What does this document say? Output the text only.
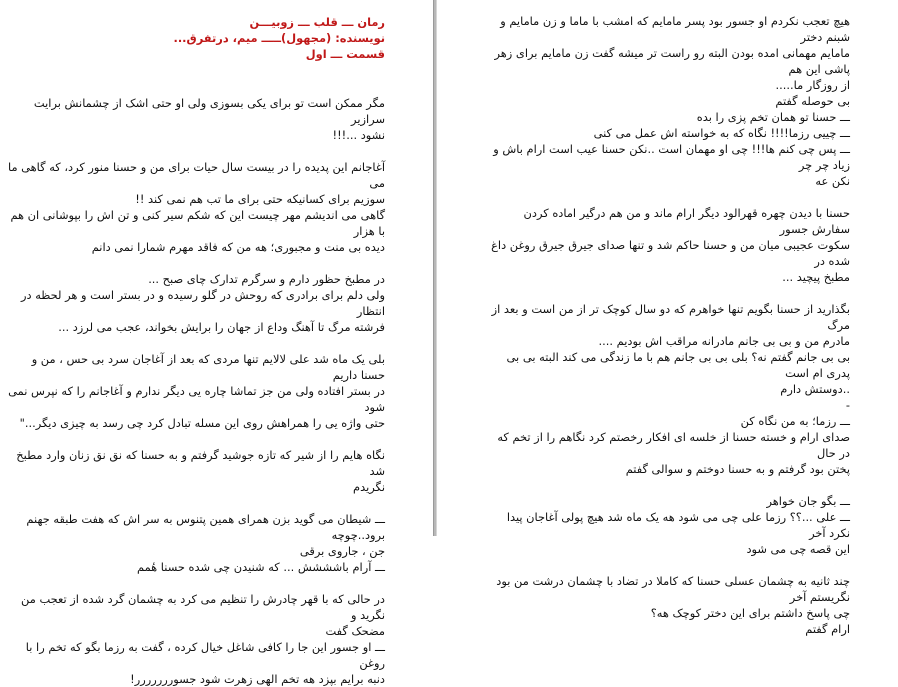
رمان ـــ قلب ـــ زوبیـــن
نویسنده: (مجهول)ـــــ میم، درتفرق...
قسمت ـــ اول
مگر ممکن است تو برای یکی بسوزی ولی او حتی اشک از چشمانش برایت سرازیر
نشود ...!!!
آغاجانم این پدیده را در بیست سال حیات برای من و حسنا منور کرد، که گاهی ما می
سوزیم برای کسانیکه حتی برای ما تب هم نمی کند !!
گاهی می اندیشم مهر چیست این که شکم سیر کنی و تن اش را بپوشانی ان هم با هزار
دیده بی منت و مجبوری؛ هه من که فاقد مهرم شمارا نمی دانم
در مطبخ حظور دارم و سرگرم تدارک چای صبح ...
ولی دلم برای برادری که روحش در گلو رسیده و در بستر است و هر لحظه در انتظار
فرشته مرگ تا آهنگ وداع از جهان را برایش بخواند، عجب می لرزد ...
بلی یک ماه شد علی لالایم تنها مردی که بعد از آغاجان سرد بی حس ، من و حسنا داریم
در بستر افتاده ولی من جز تماشا چاره یی دیگر ندارم و آغاجانم را که نپرس نمی شود
حتی واژه یی را همراهش روی این مسله تبادل کرد چی رسد به چیزی دیگر..."
نگاه هایم را از شیر که تازه جوشید گرفتم و به حسنا که نق نق زنان وارد مطبخ شد
نگریدم
ـــ شیطان می گوید بزن همرای همین پتنوس به سر اش که هفت طبقه جهنم برود..چوچه
جن ، جاروی برقی
ـــ آرام باشششش ... که شنیدن چی شده حسنا هٔمم
در حالی که با قهر چادرش را تنظیم می کرد به چشمان گرد شده از تعجب من نگرید و
مضحک گفت
ـــ او جسور این جا را کافی شاغل خیال کرده ، گفت به رزما بگو که تخم را با روغن
دنبه برایم بپزد هه تخم الهی زهرت شود جسوررررررر!
هیچ تعجب نکردم او جسور بود پسر مامایم که امشب با ماما و زن مامایم و شبنم دختر
مامایم مهمانی امده بودن البته رو راست تر میشه گفت زن مامایم برای زهر پاشی این هم
از روزگار ما.....
بی حوصله گفتم
ـــ حسنا تو همان تخم پزی را بده
ـــ چییی رزما!!!! نگاه که به خواسته اش عمل می کنی
ـــ پس چی کنم ها!!! چی او مهمان است ..نکن حسنا عیب است ارام باش و زیاد چر چر
نکن عه
حسنا با دیدن چهره قهرالود دیگر ارام ماند و من هم درگیر اماده کردن سفارش جسور
سکوت عجیبی میان من و حسنا حاکم شد و تنها صدای جیرق جیرق روغن داغ شده در
مطبخ پیچید ...
بگذارید از حسنا بگویم تنها خواهرم که دو سال کوچک تر از من است و بعد از مرگ
مادرم من و بی بی جانم مادرانه مراقب اش بودیم ....
بی بی جانم گفتم نه؟ بلی بی بی جانم هم با ما زندگی می کند البته بی بی پدری ام است
..دوستش دارم
-
ـــ رزما؛ به من نگاه کن
صدای ارام و خسته حسنا از خلسه ای افکار رخصتم کرد نگاهم را از تخم که در حال
پختن بود گرفتم و به حسنا دوختم و سوالی گفتم
ـــ بگو جان خواهر
ـــ علی ...؟؟ رزما علی چی می شود هه یک ماه شد هیچ پولی آغاجان پیدا نکرد آخر
این قصه چی می شود
چند ثانیه به چشمان عسلی حسنا که کاملا در تضاد با چشمان درشت من بود نگریستم آخر
چی پاسخ داشتم برای این دختر کوچک هه؟
ارام گفتم
